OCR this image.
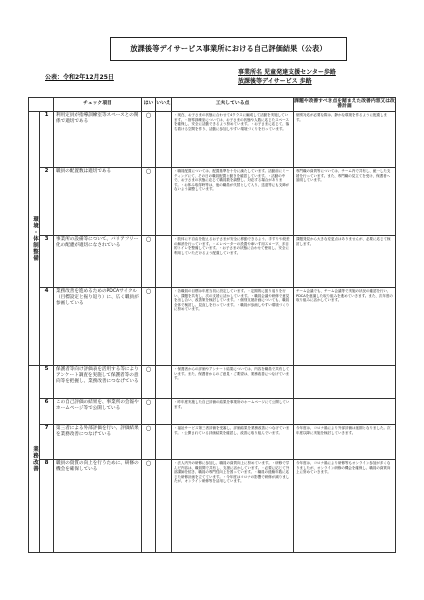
放課後等デイサービス事業所における自己評価結果（公表）
公表：令和2年12月25日
事業所名 児童発達支援センター歩路
放課後等デイサービス 歩路
		チェック項目	はい	いいえ	工夫している点	課題や改善すべき点を踏まえた改善内容又は改善計画
環境・体制整備	1	利用定員が指導訓練室等スペースとの関係で適切である	○		・现在、お子さまの状態に合わせて4クラスに編成して活動を実施しています。・指導訓練室については、お子さまの状態や人数に応じたスペースを確保し、安全に活動できるよう努めています。・お子さまに応じて、落ち着ける空間を作り、活動に参加しやすい環境づくりを行っています。	個別対応が必要な際は、静かな環境を作るように配慮します。
	2	職員の配置数は適切である	○		・職員配置については、配置基準を十分に満たしています。活動前にミーティングにて、その日の職員配置と動きを確認しています。・活動の中で、お子さまの状態に応じて職員数を調整し、対応する場合があります。・お休み取得時等は、他の職員が代替として入り、送迎等にも支障がないよう調整しています。	専門職の資質等については、チーム内で共有し、統一した支援を行っています。また、専門職の見立てを受け、保護者へ説明しています。
	3	事業所の設備等について、バリアフリー化の配慮が適切になされている	○		・肢体に不自由を抱えるお子さまが安全に移動できるよう、手すりや段差の解消を行っています。・エレベーターの設置や車いす用スロープ、多目的トイレを整備しています。・お子さまの状態に合わせて使用し、安全に利用していただけるよう配慮しています。	課題発見から大きな変更点はありませんが、必要に応じて検討します。
	4	業務改善を進めるためのPDCAサイクル（目標設定と振り返り）に、広く職員が参画している	○		・各職員の目標は年度当初に設定しています。・定期的に振り返りを行い、課題を共有し、次の支援に活かしています。・職員会議や研修で意見を出し合い、改善策を検討しています。・個別支援計画についても、職員全体で検討し、見直しを行っています。・職員が参画しやすい環境づくりに努めています。	チーム会議でも、チーム会議等で実施の状況の確認を行い、PDCAを意識した取り組みを進めていきます。また、次年度の取り組みに活かしています。
業務改善	5	保護者等向け評価表を活用する等によりアンケート調査を実施して保護者等の意向等を把握し、業務改善につなげている	○		・保護者からの評価やアンケート結果については、内容を職員で共有しています。また、保護者からのご意見・ご要望は、業務改善につなげています。	
	6	この自己評価の結果を、事業所の会報やホームページ等で公開している	○		・昨年度実施した自己評価の結果を事業所のホームページにて公開しています。	
	7	第三者による外部評価を行い、評価結果を業務改善につなげている	○		・福祉サービス第三者評価を受審し、評価結果を業務改善につなげています。・公開されている評価結果を確認し、改善に取り組んでいます。	今年度は、コロナ禍により外部評価は延期となりました。次年度以降に実施を検討していきます。
	8	職員の資質の向上を行うために、研修の機会を確保している	○		・法人内外の研修に参加し、職員の資質向上に努めています。・研修で学んだ内容は、職員間で共有し、支援に活かしています。・必要に応じて外部講師を招き、職員の専門性向上を図っています。・職員の経験年数に応じた研修計画を立てています。・今年度はコロナの影響で研修が減りましたが、オンライン研修等を活用しています。	今年度は、コロナ禍により研修等もオンライン参加が多くなりましたが、オンライン研修の機会を確保し、職員の資質向上に努めていきます。
